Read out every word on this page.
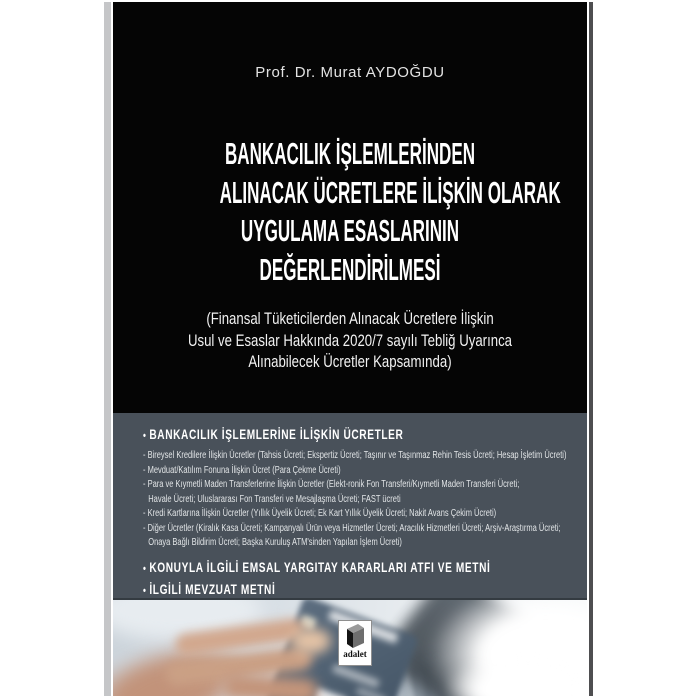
Prof. Dr. Murat AYDOĞDU
BANKACILIK İŞLEMLERİNDEN
ALINACAK ÜCRETLERE İLİŞKİN OLARAK
UYGULAMA ESASLARININ
DEĞERLENDİRİLMESİ
(Finansal Tüketicilerden Alınacak Ücretlere İlişkin
Usul ve Esaslar Hakkında 2020/7 sayılı Tebliğ Uyarınca
Alınabilecek Ücretler Kapsamında)
• BANKACILIK İŞLEMLERİNE İLİŞKİN ÜCRETLER
- Bireysel Kredilere İlişkin Ücretler (Tahsis Ücreti; Ekspertiz Ücreti; Taşınır ve Taşınmaz Rehin Tesis Ücreti; Hesap İşletim Ücreti)
- Mevduat/Katılım Fonuna İlişkin Ücret (Para Çekme Ücreti)
- Para ve Kıymetli Maden Transferlerine İlişkin Ücretler (Elekt-ronik Fon Transferi/Kıymetli Maden Transferi Ücreti;
Havale Ücreti; Uluslararası Fon Transferi ve Mesajlaşma Ücreti; FAST ücreti
- Kredi Kartlarına İlişkin Ücretler (Yıllık Üyelik Ücreti; Ek Kart Yıllık Üyelik Ücreti; Nakit Avans Çekim Ücreti)
- Diğer Ücretler (Kiralık Kasa Ücreti; Kampanyalı Ürün veya Hizmetler Ücreti; Aracılık Hizmetleri Ücreti; Arşiv-Araştırma Ücreti;
Onaya Bağlı Bildirim Ücreti; Başka Kuruluş ATM'sinden Yapılan İşlem Ücreti)
• KONUYLA İLGİLİ EMSAL YARGITAY KARARLARI ATFI VE METNİ
• İLGİLİ MEVZUAT METNİ
adalet
